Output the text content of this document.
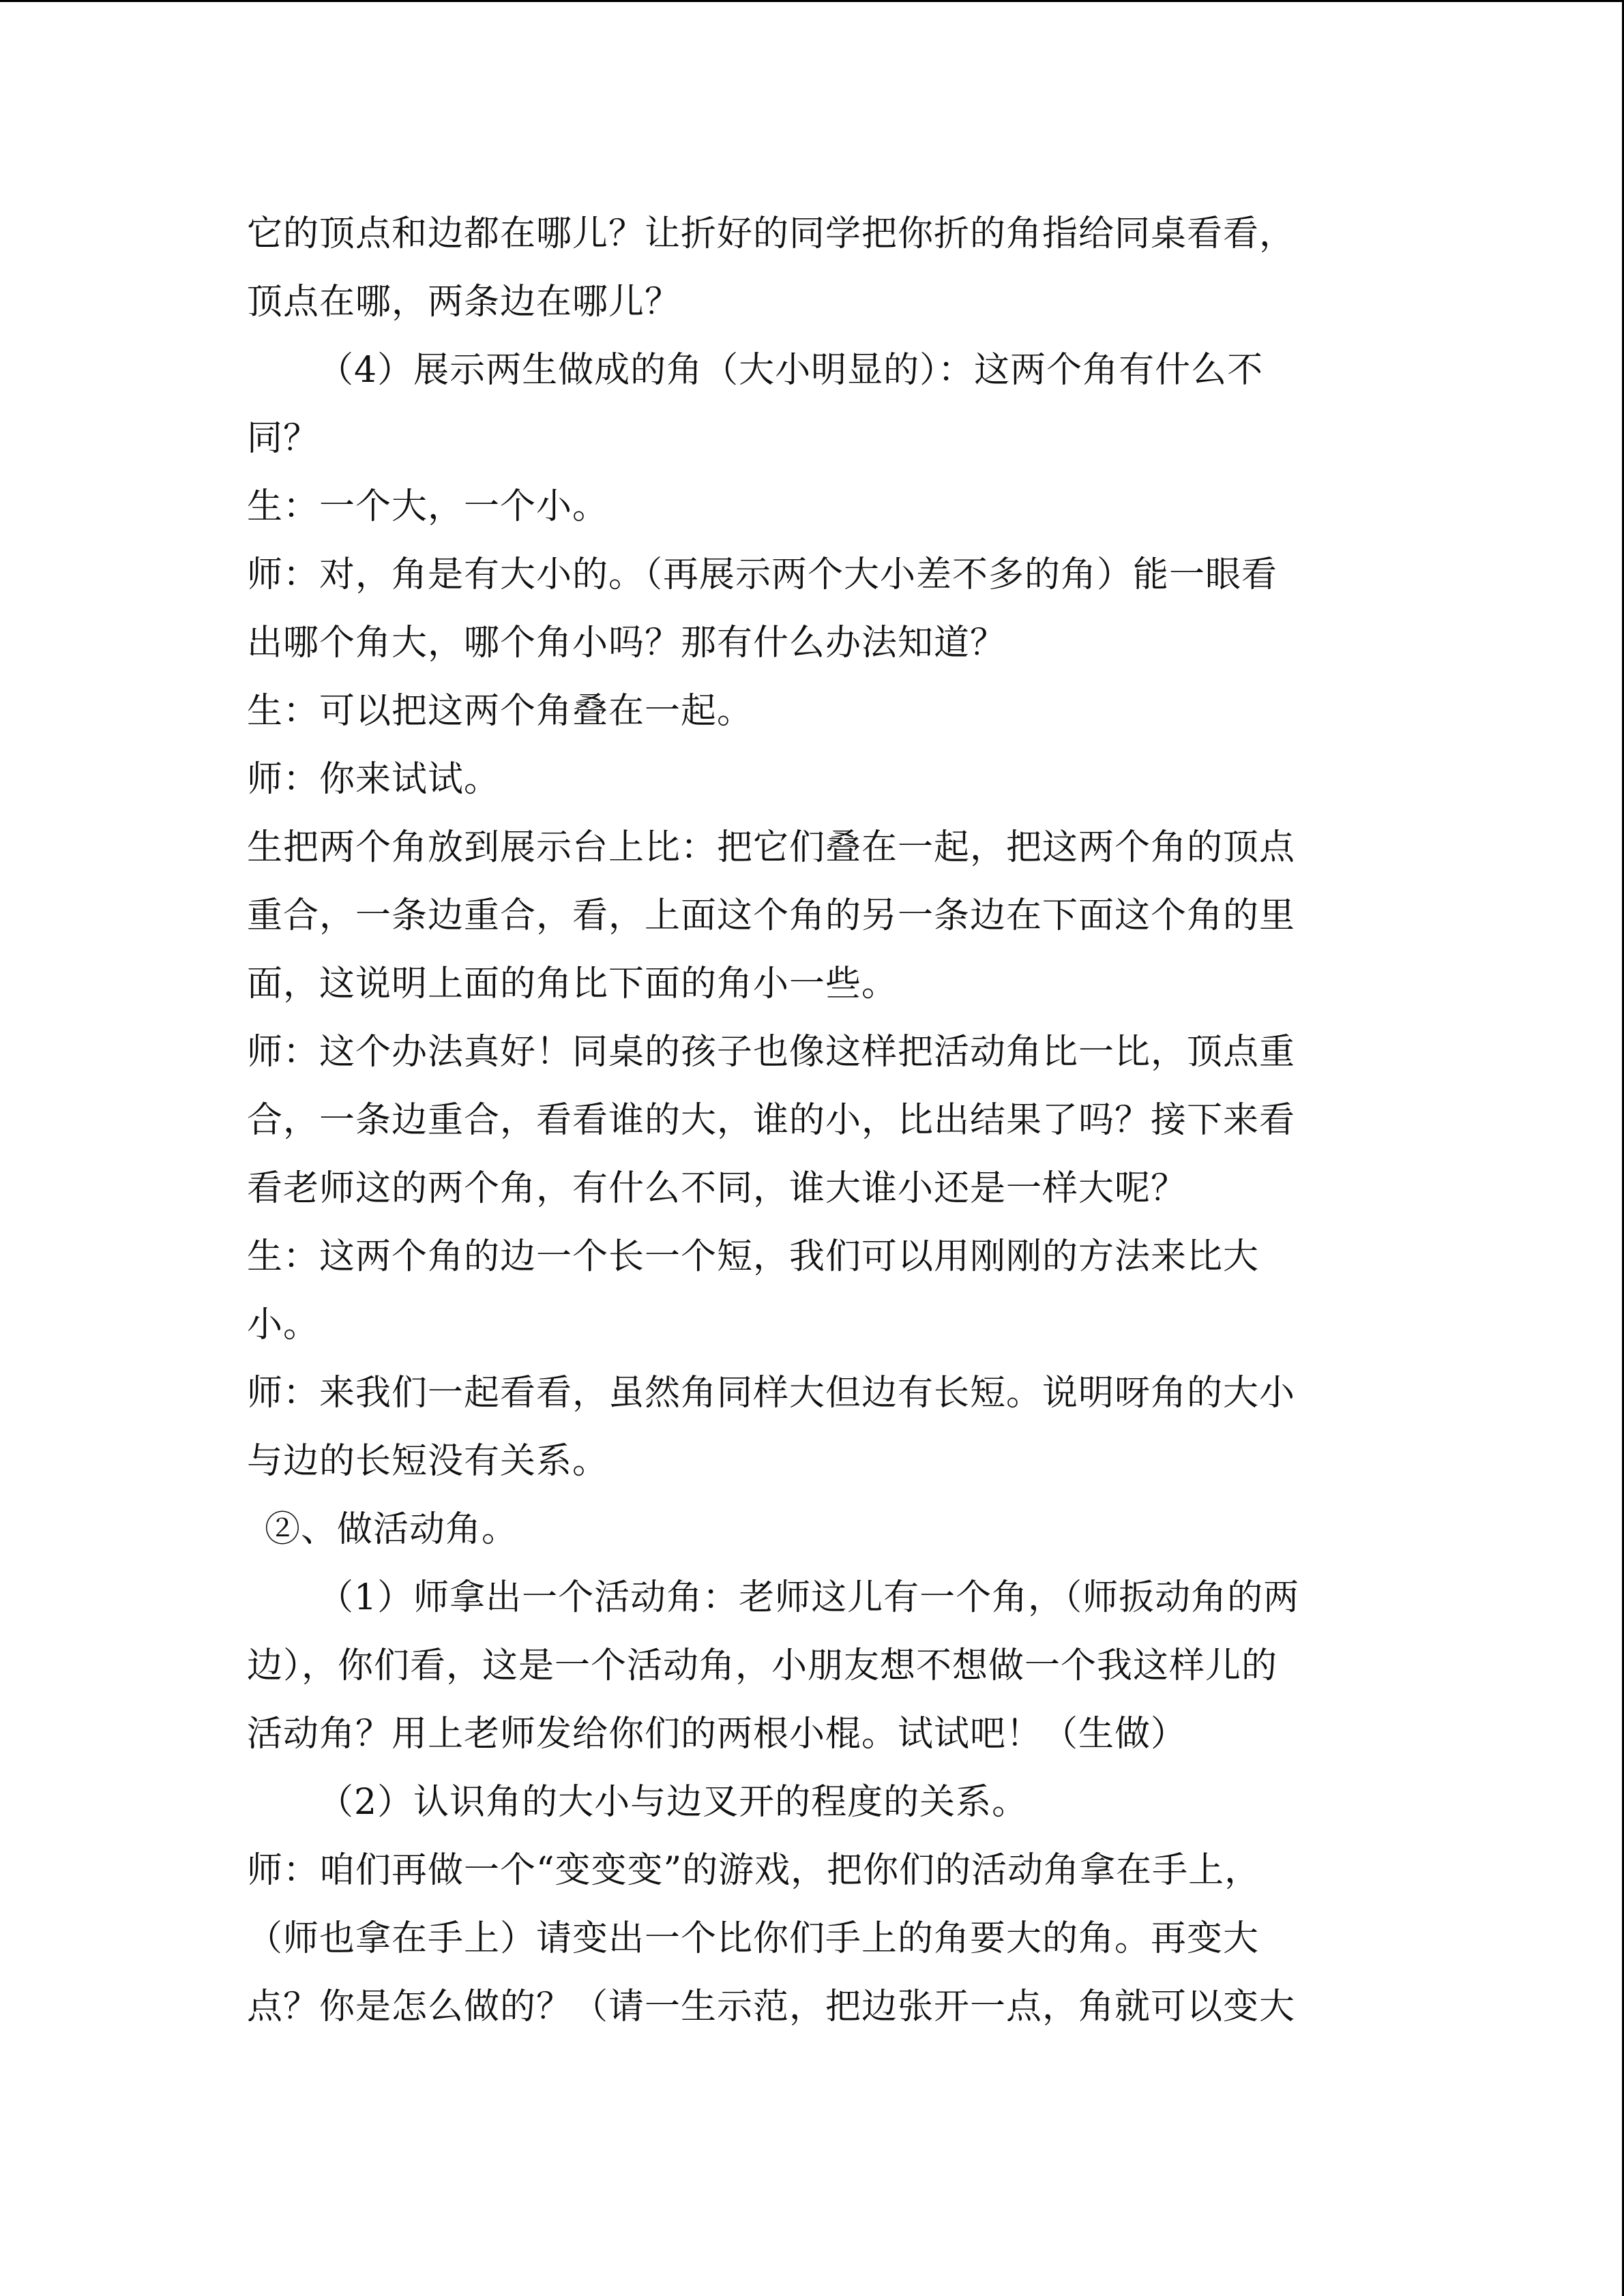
它的顶点和边都在哪儿？让折好的同学把你折的角指给同桌看看，
顶点在哪，两条边在哪儿？
（4）展示两生做成的角（大小明显的）：这两个角有什么不
同？
生：一个大，一个小。
师：对，角是有大小的。（再展示两个大小差不多的角）能一眼看
出哪个角大，哪个角小吗？那有什么办法知道？
生：可以把这两个角叠在一起。
师：你来试试。
生把两个角放到展示台上比：把它们叠在一起，把这两个角的顶点
重合，一条边重合，看，上面这个角的另一条边在下面这个角的里
面，这说明上面的角比下面的角小一些。
师：这个办法真好！同桌的孩子也像这样把活动角比一比，顶点重
合，一条边重合，看看谁的大，谁的小，比出结果了吗？接下来看
看老师这的两个角，有什么不同，谁大谁小还是一样大呢？
生：这两个角的边一个长一个短，我们可以用刚刚的方法来比大
小。
师：来我们一起看看，虽然角同样大但边有长短。说明呀角的大小
与边的长短没有关系。
②、做活动角。
（1）师拿出一个活动角：老师这儿有一个角，（师扳动角的两
边），你们看，这是一个活动角，小朋友想不想做一个我这样儿的
活动角？用上老师发给你们的两根小棍。试试吧！（生做）
（2）认识角的大小与边叉开的程度的关系。
师：咱们再做一个“变变变”的游戏，把你们的活动角拿在手上，
（师也拿在手上）请变出一个比你们手上的角要大的角。再变大
点？你是怎么做的？（请一生示范，把边张开一点，角就可以变大
